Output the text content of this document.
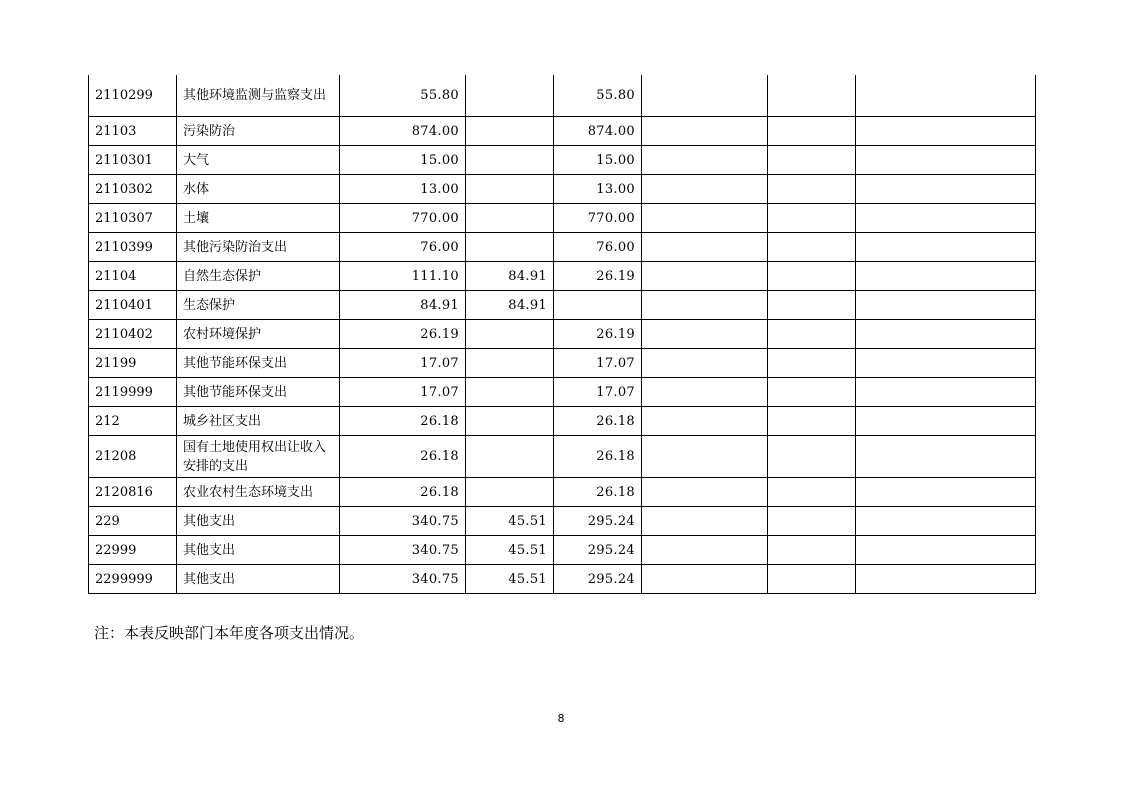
2110299	其他环境监测与监察支出	55.80		55.80			
21103	污染防治	874.00		874.00			
2110301	大气	15.00		15.00			
2110302	水体	13.00		13.00			
2110307	土壤	770.00		770.00			
2110399	其他污染防治支出	76.00		76.00			
21104	自然生态保护	111.10	84.91	26.19			
2110401	生态保护	84.91	84.91				
2110402	农村环境保护	26.19		26.19			
21199	其他节能环保支出	17.07		17.07			
2119999	其他节能环保支出	17.07		17.07			
212	城乡社区支出	26.18		26.18			
21208	国有土地使用权出让收入安排的支出	26.18		26.18			
2120816	农业农村生态环境支出	26.18		26.18			
229	其他支出	340.75	45.51	295.24			
22999	其他支出	340.75	45.51	295.24			
2299999	其他支出	340.75	45.51	295.24			
注：本表反映部门本年度各项支出情况。
8
